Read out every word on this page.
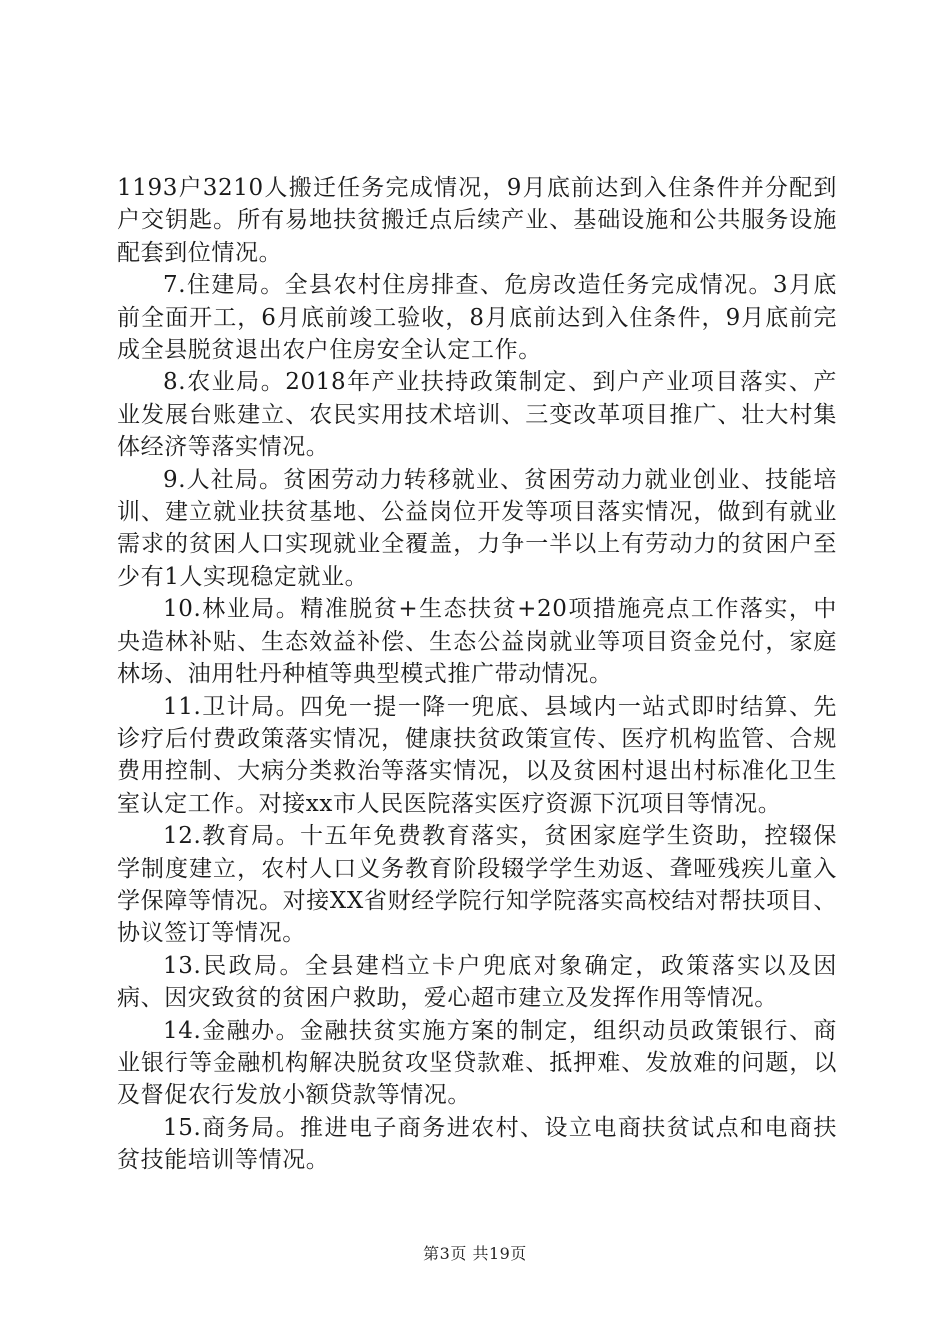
1193户3210人搬迁任务完成情况，9月底前达到入住条件并分配到户交钥匙。所有易地扶贫搬迁点后续产业、基础设施和公共服务设施配套到位情况。

7.住建局。全县农村住房排查、危房改造任务完成情况。3月底前全面开工，6月底前竣工验收，8月底前达到入住条件，9月底前完成全县脱贫退出农户住房安全认定工作。

8.农业局。2018年产业扶持政策制定、到户产业项目落实、产业发展台账建立、农民实用技术培训、三变改革项目推广、壮大村集体经济等落实情况。

9.人社局。贫困劳动力转移就业、贫困劳动力就业创业、技能培训、建立就业扶贫基地、公益岗位开发等项目落实情况，做到有就业需求的贫困人口实现就业全覆盖，力争一半以上有劳动力的贫困户至少有1人实现稳定就业。

10.林业局。精准脱贫+生态扶贫+20项措施亮点工作落实，中央造林补贴、生态效益补偿、生态公益岗就业等项目资金兑付，家庭林场、油用牡丹种植等典型模式推广带动情况。

11.卫计局。四免一提一降一兜底、县域内一站式即时结算、先诊疗后付费政策落实情况，健康扶贫政策宣传、医疗机构监管、合规费用控制、大病分类救治等落实情况，以及贫困村退出村标准化卫生室认定工作。对接xx市人民医院落实医疗资源下沉项目等情况。

12.教育局。十五年免费教育落实，贫困家庭学生资助，控辍保学制度建立，农村人口义务教育阶段辍学学生劝返、聋哑残疾儿童入学保障等情况。对接XX省财经学院行知学院落实高校结对帮扶项目、协议签订等情况。

13.民政局。全县建档立卡户兜底对象确定，政策落实以及因病、因灾致贫的贫困户救助，爱心超市建立及发挥作用等情况。

14.金融办。金融扶贫实施方案的制定，组织动员政策银行、商业银行等金融机构解决脱贫攻坚贷款难、抵押难、发放难的问题，以及督促农行发放小额贷款等情况。

15.商务局。推进电子商务进农村、设立电商扶贫试点和电商扶贫技能培训等情况。

第3页 共19页
